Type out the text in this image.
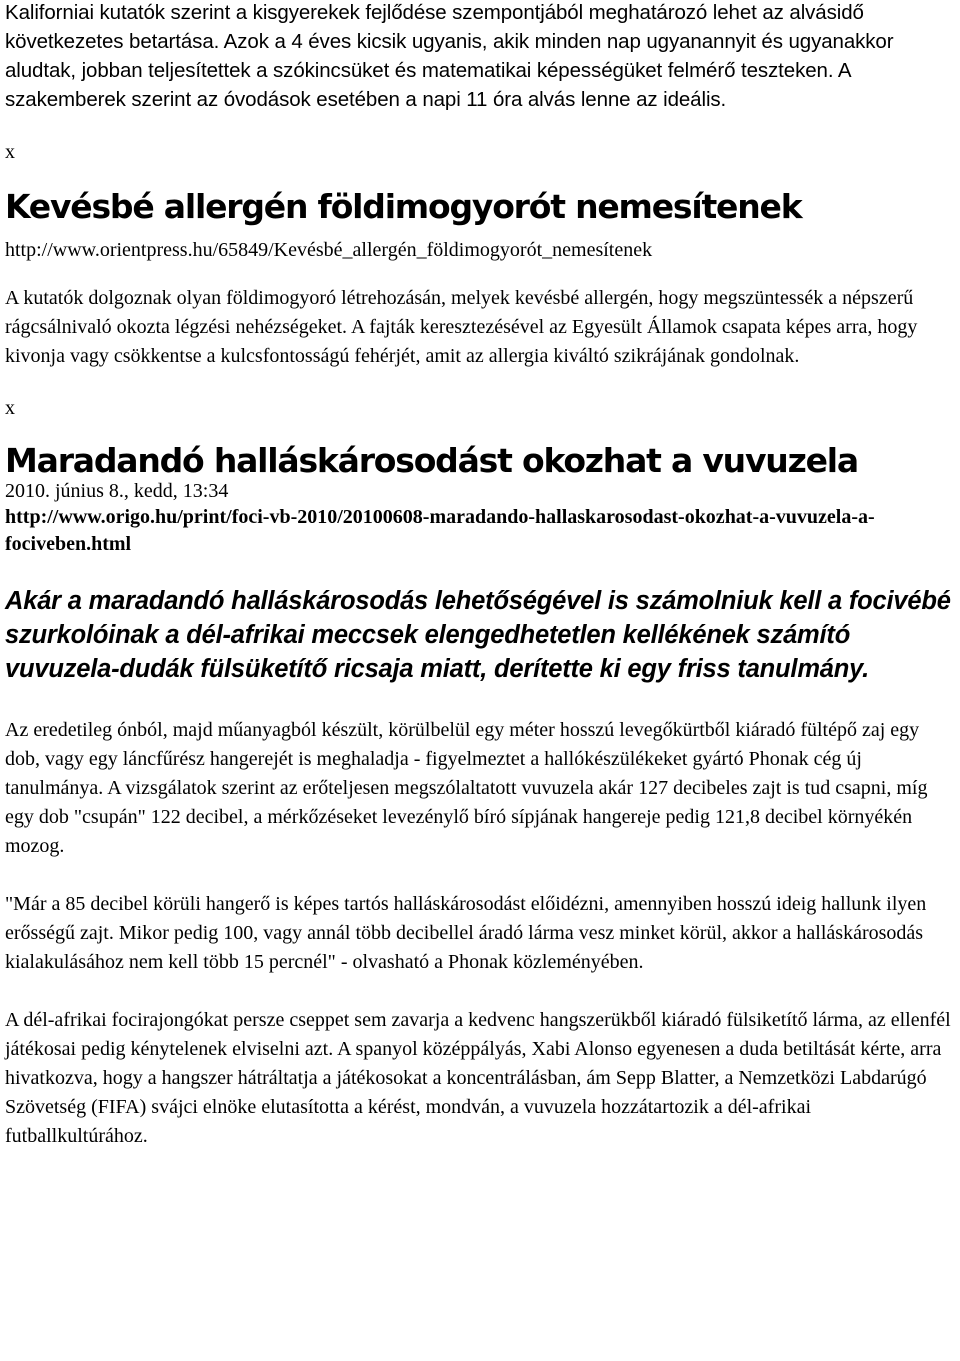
Kaliforniai kutatók szerint a kisgyerekek fejlődése szempontjából meghatározó lehet az alvásidő következetes betartása. Azok a 4 éves kicsik ugyanis, akik minden nap ugyanannyit és ugyanakkor aludtak, jobban teljesítettek a szókincsüket és matematikai képességüket felmérő teszteken. A szakemberek szerint az óvodások esetében a napi 11 óra alvás lenne az ideális.

x
Kevésbé allergén földimogyorót nemesítenek
http://www.orientpress.hu/65849/Kevésbé_allergén_földimogyorót_nemesítenek

A kutatók dolgoznak olyan földimogyoró létrehozásán, melyek kevésbé allergén, hogy megszüntessék a népszerű rágcsálnivaló okozta légzési nehézségeket. A fajták keresztezésével az Egyesült Államok csapata képes arra, hogy kivonja vagy csökkentse a kulcsfontosságú fehérjét, amit az allergia kiváltó szikrájának gondolnak.

x
Maradandó halláskárosodást okozhat a vuvuzela
2010. június 8., kedd, 13:34
http://www.origo.hu/print/foci-vb-2010/20100608-maradando-hallaskarosodast-okozhat-a-vuvuzela-a-fociveben.html

Akár a maradandó halláskárosodás lehetőségével is számolniuk kell a focivébé szurkolóinak a dél-afrikai meccsek elengedhetetlen kellékének számító vuvuzela-dudák fülsüketítő ricsaja miatt, derítette ki egy friss tanulmány.

Az eredetileg ónból, majd műanyagból készült, körülbelül egy méter hosszú levegőkürtből kiáradó fültépő zaj egy dob, vagy egy láncfűrész hangerejét is meghaladja - figyelmeztet a hallókészülékeket gyártó Phonak cég új tanulmánya. A vizsgálatok szerint az erőteljesen megszólaltatott vuvuzela akár 127 decibeles zajt is tud csapni, míg egy dob "csupán" 122 decibel, a mérkőzéseket levezénylő bíró sípjának hangereje pedig 121,8 decibel környékén mozog.

"Már a 85 decibel körüli hangerő is képes tartós halláskárosodást előidézni, amennyiben hosszú ideig hallunk ilyen erősségű zajt. Mikor pedig 100, vagy annál több decibellel áradó lárma vesz minket körül, akkor a halláskárosodás kialakulásához nem kell több 15 percnél" - olvasható a Phonak közleményében.

A dél-afrikai focirajongókat persze cseppet sem zavarja a kedvenc hangszerükből kiáradó fülsiketítő lárma, az ellenfél játékosai pedig kénytelenek elviselni azt. A spanyol középpályás, Xabi Alonso egyenesen a duda betiltását kérte, arra hivatkozva, hogy a hangszer hátráltatja a játékosokat a koncentrálásban, ám Sepp Blatter, a Nemzetközi Labdarúgó Szövetség (FIFA) svájci elnöke elutasította a kérést, mondván, a vuvuzela hozzátartozik a dél-afrikai futballkultúrához.
